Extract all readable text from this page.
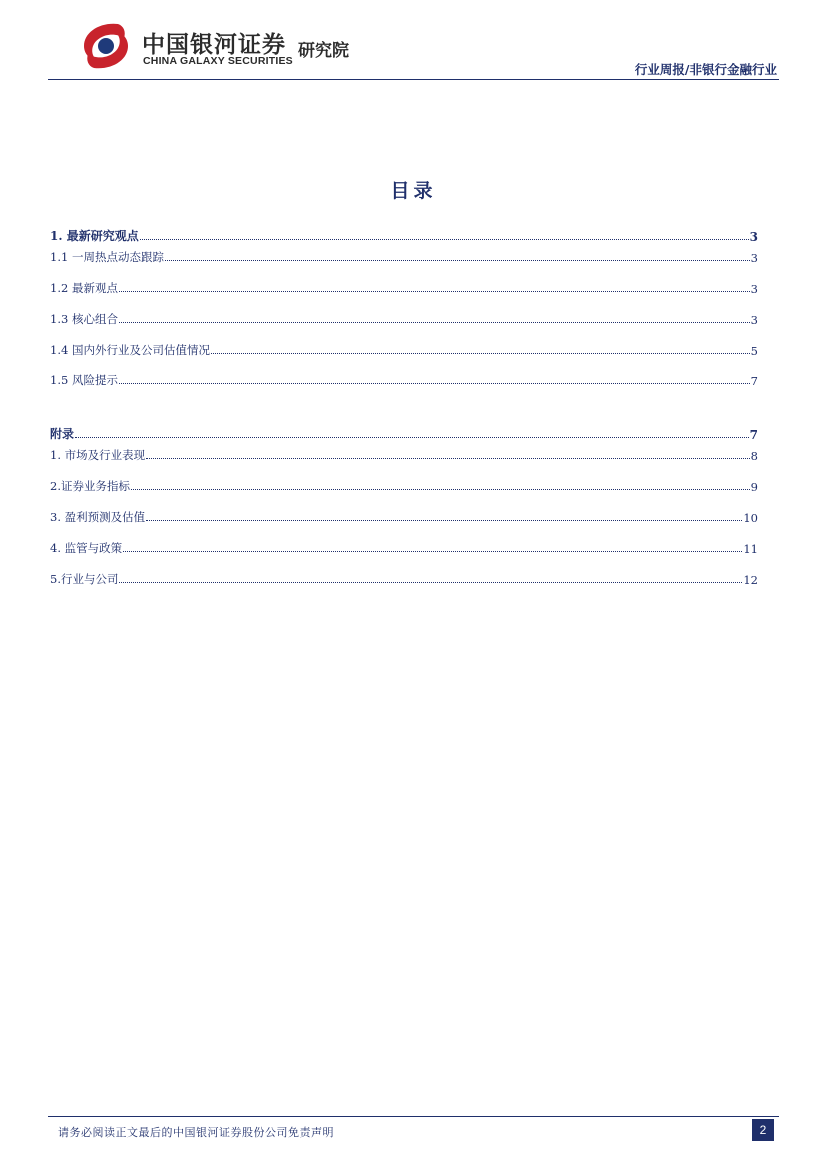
中国银河证券
CHINA GALAXY SECURITIES 研究院
行业周报/非银行金融行业
目录
1. 最新研究观点	3
1.1 一周热点动态跟踪	3
1.2 最新观点	3
1.3 核心组合	3
1.4 国内外行业及公司估值情况	5
1.5 风险提示	7
附录	7
1. 市场及行业表现	8
2.证券业务指标	9
3. 盈利预测及估值	10
4. 监管与政策	11
5.行业与公司	12
请务必阅读正文最后的中国银河证券股份公司免责声明	2
